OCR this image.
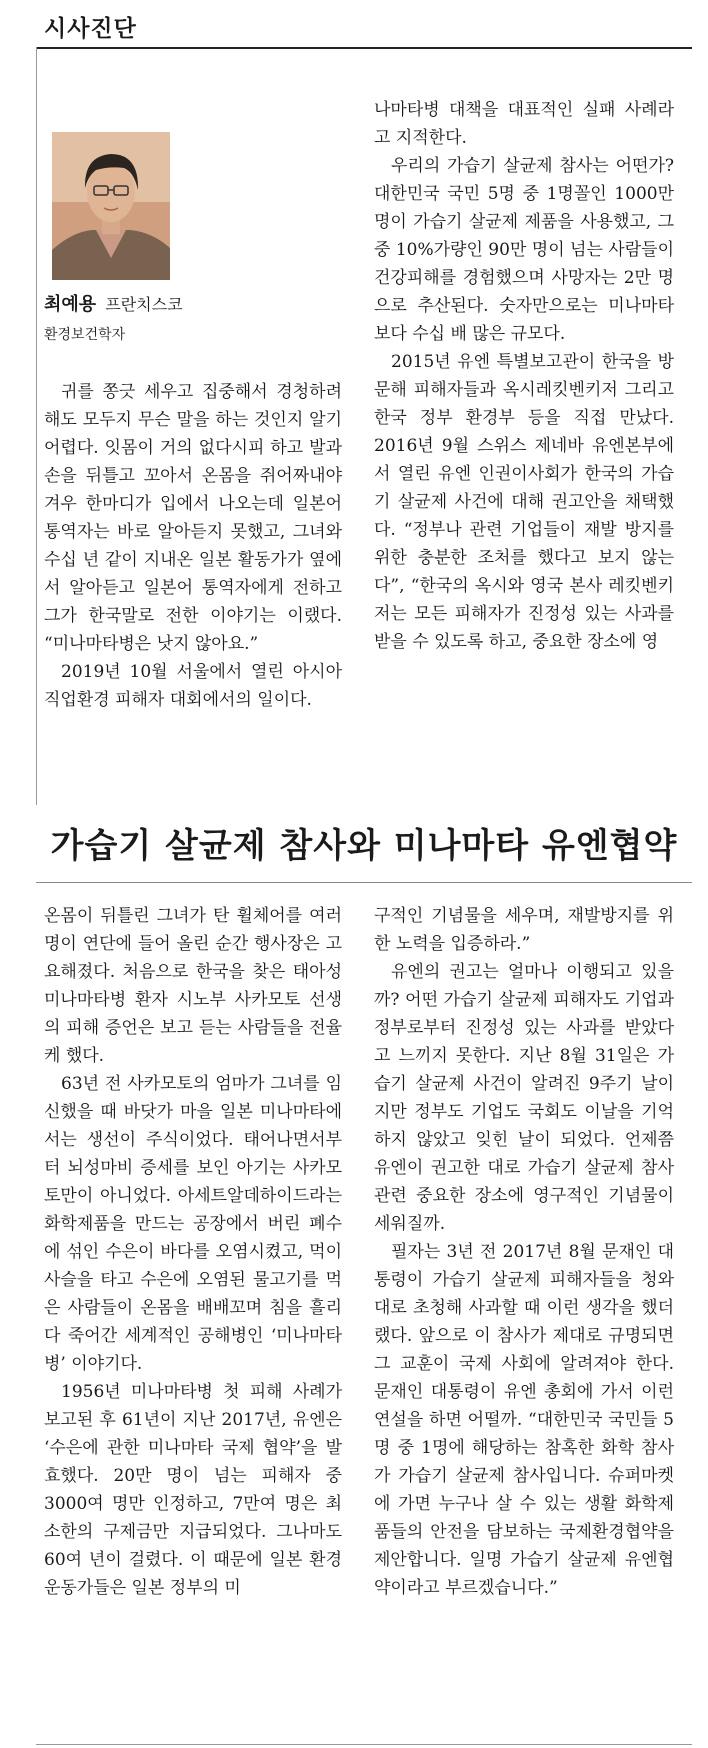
시사진단
최예용 프란치스코
환경보건학자

귀를 쫑긋 세우고 집중해서 경청하려 해도 모두지 무슨 말을 하는 것인지 알기 어렵다. 잇몸이 거의 없다시피 하고 발과 손을 뒤틀고 꼬아서 온몸을 쥐어짜내야 겨우 한마디가 입에서 나오는데 일본어 통역자는 바로 알아듣지 못했고, 그녀와 수십 년 같이 지내온 일본 활동가가 옆에서 알아듣고 일본어 통역자에게 전하고 그가 한국말로 전한 이야기는 이랬다. “미나마타병은 낫지 않아요.”

2019년 10월 서울에서 열린 아시아 직업환경 피해자 대회에서의 일이다.

나마타병 대책을 대표적인 실패 사례라고 지적한다.

우리의 가습기 살균제 참사는 어떤가? 대한민국 국민 5명 중 1명꼴인 1000만 명이 가습기 살균제 제품을 사용했고, 그중 10%가량인 90만 명이 넘는 사람들이 건강피해를 경험했으며 사망자는 2만 명으로 추산된다. 숫자만으로는 미나마타보다 수십 배 많은 규모다.

2015년 유엔 특별보고관이 한국을 방문해 피해자들과 옥시레킷벤키저 그리고 한국 정부 환경부 등을 직접 만났다. 2016년 9월 스위스 제네바 유엔본부에서 열린 유엔 인권이사회가 한국의 가습기 살균제 사건에 대해 권고안을 채택했다. “정부나 관련 기업들이 재발 방지를 위한 충분한 조처를 했다고 보지 않는다”, “한국의 옥시와 영국 본사 레킷벤키저는 모든 피해자가 진정성 있는 사과를 받을 수 있도록 하고, 중요한 장소에 영

가습기 살균제 참사와 미나마타 유엔협약

온몸이 뒤틀린 그녀가 탄 휠체어를 여러 명이 연단에 들어 올린 순간 행사장은 고요해졌다. 처음으로 한국을 찾은 태아성 미나마타병 환자 시노부 사카모토 선생의 피해 증언은 보고 듣는 사람들을 전율케 했다.

63년 전 사카모토의 엄마가 그녀를 임신했을 때 바닷가 마을 일본 미나마타에서는 생선이 주식이었다. 태어나면서부터 뇌성마비 증세를 보인 아기는 사카모토만이 아니었다. 아세트알데하이드라는 화학제품을 만드는 공장에서 버린 폐수에 섞인 수은이 바다를 오염시켰고, 먹이 사슬을 타고 수은에 오염된 물고기를 먹은 사람들이 온몸을 배배꼬며 침을 흘리다 죽어간 세계적인 공해병인 ‘미나마타병’ 이야기다.

1956년 미나마타병 첫 피해 사례가 보고된 후 61년이 지난 2017년, 유엔은 ‘수은에 관한 미나마타 국제 협약’을 발효했다. 20만 명이 넘는 피해자 중 3000여 명만 인정하고, 7만여 명은 최소한의 구제금만 지급되었다. 그나마도 60여 년이 걸렸다. 이 때문에 일본 환경 운동가들은 일본 정부의 미

구적인 기념물을 세우며, 재발방지를 위한 노력을 입증하라.”

유엔의 권고는 얼마나 이행되고 있을까? 어떤 가습기 살균제 피해자도 기업과 정부로부터 진정성 있는 사과를 받았다고 느끼지 못한다. 지난 8월 31일은 가습기 살균제 사건이 알려진 9주기 날이지만 정부도 기업도 국회도 이날을 기억하지 않았고 잊힌 날이 되었다. 언제쯤 유엔이 권고한 대로 가습기 살균제 참사 관련 중요한 장소에 영구적인 기념물이 세워질까.

필자는 3년 전 2017년 8월 문재인 대통령이 가습기 살균제 피해자들을 청와대로 초청해 사과할 때 이런 생각을 했더랬다. 앞으로 이 참사가 제대로 규명되면 그 교훈이 국제 사회에 알려져야 한다. 문재인 대통령이 유엔 총회에 가서 이런 연설을 하면 어떨까. “대한민국 국민들 5명 중 1명에 해당하는 참혹한 화학 참사가 가습기 살균제 참사입니다. 슈퍼마켓에 가면 누구나 살 수 있는 생활 화학제품들의 안전을 담보하는 국제환경협약을 제안합니다. 일명 가습기 살균제 유엔협약이라고 부르겠습니다.”
